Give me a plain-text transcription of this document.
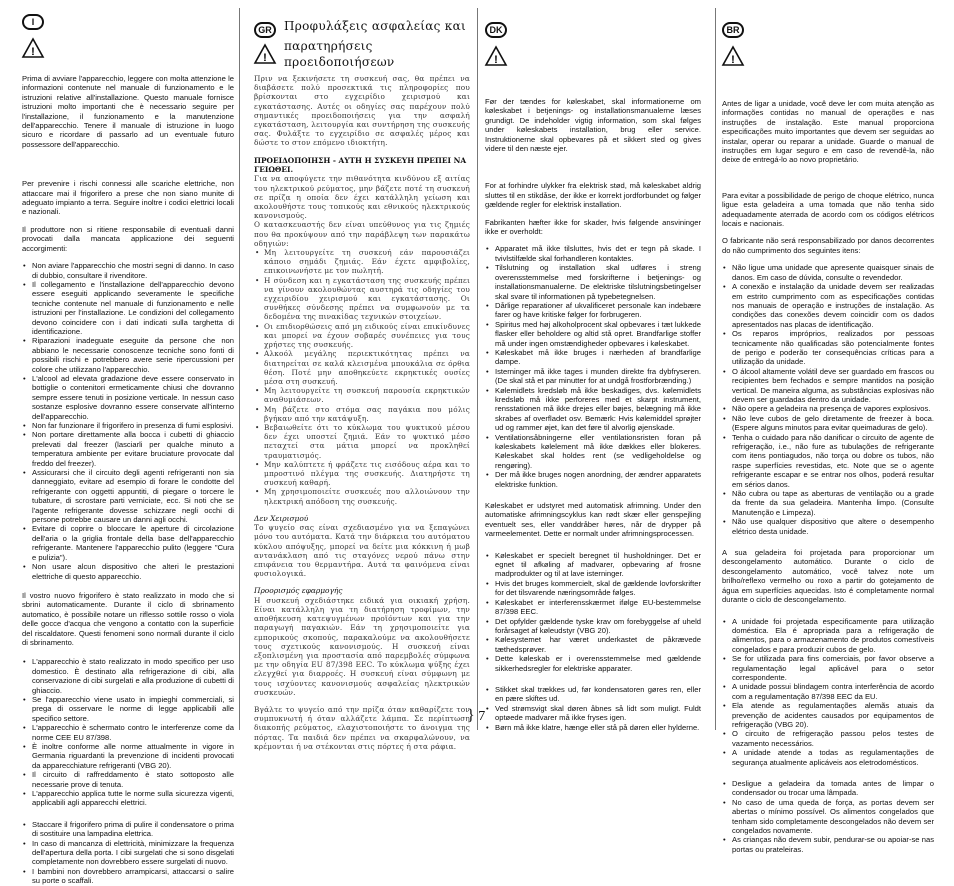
I
!

Prima di avviare l'apparecchio, leggere con molta attenzione le informazioni contenute nel manuale di funzionamento e le istruzioni relative all'installazione. Questo manuale fornisce istruzioni molto importanti che è necessario seguire per l'installazione, il funzionamento e la manutenzione dell'apparecchio. Tenere il manuale di istruzione in luogo sicuro e ricordare di passarlo ad un eventuale futuro possessore dell'apparecchio.

Per prevenire i rischi connessi alle scariche elettriche, non attaccare mai il frigorifero a prese che non siano munite di adeguato impianto a terra. Seguire inoltre i codici elettrici locali e nazionali.

Il produttore non si ritiene responsabile di eventuali danni provocati dalla mancata applicazione dei seguenti accorgimenti:

• Non aviare l'apparecchio che mostri segni di danno. In caso di dubbio, consultare il rivenditore.
• Il collegamento e l'installazione dell'apparecchio devono essere eseguiti applicando severamente le specifiche tecniche contenute nel manuale di funzionamento e nelle istruzioni per l'installazione. Le condizioni del collegamento devono coincidere con i dati indicati sulla targhetta di identificazione.
• Riparazioni inadeguate eseguite da persone che non abbiano le necessarie conoscenze tecniche sono fonti di possibili rischi e potrebbero avere serie ripercussioni per colore che utilizzano l'apparecchio.
• L'alcool ad elevata gradazione deve essere conservato in bottiglie o contenitori ermeticamente chiusi che dovranno sempre essere tenuti in posizione verticale. In nessun caso sostanze esplosive dovranno essere conservate all'interno dell'apparecchio.
• Non far funzionare il frigorifero in presenza di fumi esplosivi.
• Non portare direttamente alla bocca i cubetti di ghiaccio prelevati dal freezer (lasciarli per qualche minuto a temperatura ambiente per evitare bruciature provocate dal freddo del freezer).
• Assicurarsi che il circuito degli agenti refrigeranti non sia danneggiato, evitare ad esempio di forare le condotte del refrigerante con oggetti appuntiti, di piegare o torcere le tubature, di scrostare parti verniciate, ecc. Si noti che se l'agente refrigerante dovesse schizzare negli occhi di persone potrebbe causare un danni agli occhi.
• Evitare di coprire o bloccare le aperture di circolazione dell'aria o la griglia frontale della base dell'apparecchio refrigerante. Mantenere l'apparecchio pulito (leggere "Cura e pulizia").
• Non usare alcun dispositivo che alteri le prestazioni elettriche di questo apparecchio.

Il vostro nuovo frigorifero è stato realizzato in modo che si sbrini automaticamente. Durante il ciclo di sbrinamento automatico, è possibile notare un riflesso sottile rosso o viola delle gocce d'acqua che vengono a contatto con la superficie del riscaldatore. Questi fenomeni sono normali durante il ciclo di sbrinamento.

• L'apparecchio è stato realizzato in modo specifico per uso domestico. È destinato alla refrigerazione di cibi, alla conservazione di cibi surgelati e alla produzione di cubetti di ghiaccio.
• Se l'apparecchio viene usato in impieghi commerciali, si prega di osservare le norme di legge applicabili alle specifico settore.
• L'apparecchio è schermato contro le interferenze come da norme CEE EU 87/398.
• È inoltre conforme alle norme attualmente in vigore in Germania riguardanti la prevenzione di incidenti provocati da apparecchiature refrigeranti (VBG 20).
• Il circuito di raffreddamento è stato sottoposto alle necessarie prove di tenuta.
• L'apparecchio applica tutte le norme sulla sicurezza vigenti, applicabili agli apparecchi elettrici.
• Staccare il frigorifero prima di pulire il condensatore o prima di sostituire una lampadina elettrica.
• In caso di mancanza di elettricità, minimizzare la frequenza dell'apertura della porta. I cibi surgelati che si sono disgelati completamente non dovrebbero essere surgelati di nuovo.
• I bambini non dovrebbero arrampicarsi, attaccarsi o salire su porte o scaffali.
GR
!
Προφυλάξεις ασφαλείας και
παρατηρήσεις προειδοποιήσεων

Πριν να ξεκινήσετε τη συσκευή σας, θα πρέπει να διαβάσετε πολύ προσεκτικά τις πληροφορίες που βρίσκονται στο εγχειρίδιο χειρισμού και εγκατάστασης. Αυτές οι οδηγίες σας παρέχουν πολύ σημαντικές προειδοποιήσεις για την ασφαλή εγκατάσταση, λειτουργία και συντήρηση της συσκευής σας. Φυλάξτε το εγχειρίδιο σε ασφαλές μέρος και δώστε το στον επόμενο ιδιοκτήτη.

ΠΡΟΕΙΔΟΠΟΙΗΣΗ - ΑΥΤΗ Η ΣΥΣΚΕΥΗ ΠΡΕΠΕΙ ΝΑ ΓΕΙΩΘΕΙ.

Για να αποφύγετε την πιθανότητα κινδύνου εξ αιτίας του ηλεκτρικού ρεύματος, μην βάζετε ποτέ τη συσκευή σε πρίζα η οποία δεν έχει κατάλληλη γείωση και ακολουθήστε τους τοπικούς και εθνικούς ηλεκτρικούς κανονισμούς.

Ο κατασκευαστής δεν είναι υπεύθυνος για τις ζημιές που θα προκύψουν από την παράβλεψη των παρακάτω οδηγιών:

• Μη λειτουργείτε τη συσκευή εάν παρουσιάζει κάποιο σημάδι ζημιάς. Εάν έχετε αμφιβολίες, επικοινωνήστε με τον πωλητή.
• Η σύνδεση και η εγκατάσταση της συσκευής πρέπει να γίνουν ακολουθώντας αυστηρά τις οδηγίες του εγχειριδίου χειρισμού και εγκατάστασης. Οι συνθήκες σύνδεσης πρέπει να συμφωνούν με τα δεδομένα της πινακίδας τεχνικών στοιχείων.
• Οι επιδιορθώσεις από μη ειδικούς είναι επικίνδυνες και μπορεί να έχουν σοβαρές συνέπειες για τους χρήστες της συσκευής.
• Αλκοόλ μεγάλης περιεκτικότητας πρέπει να διατηρείται σε καλά κλεισμένα μπουκάλια σε όρθια θέση. Ποτέ μην αποθηκεύετε εκρηκτικές ουσίες μέσα στη συσκευή.
• Μη λειτουργείτε τη συσκευή παρουσία εκρηκτικών αναθυμιάσεων.
• Μη βάζετε στο στόμα σας παγάκια που μόλις βγήκαν από την κατάψυξη.
• Βεβαιωθείτε ότι το κύκλωμα του ψυκτικού μέσου δεν έχει υποστεί ζημιά. Εάν το ψυκτικό μέσο πεταχτεί στα μάτια μπορεί να προκληθεί τραυματισμός.
• Μην καλύπτετε ή φράζετε τις εισόδους αέρα και το μπροστινό πλέγμα της συσκευής. Διατηρήστε τη συσκευή καθαρή.
• Μη χρησιμοποιείτε συσκευές που αλλοιώνουν την ηλεκτρική απόδοση της συσκευής.
Δεν Χειρισμού

Το ψυγείο σας είναι σχεδιασμένο για να ξεπαγώνει μόνο του αυτόματα. Κατά την διάρκεια του αυτόματου κύκλου απόψυξης, μπορεί να δείτε μια κόκκινη ή μωβ αντανάκλαση από τις σταγόνες νερού πάνω στην επιφάνεια του θερμαντήρα. Αυτά τα φαινόμενα είναι φυσιολογικά.

Προορισμός εφαρμογής

Η συσκευή σχεδιάστηκε ειδικά για οικιακή χρήση. Είναι κατάλληλη για τη διατήρηση τροφίμων, την αποθήκευση κατεψυγμένων προϊόντων και για την παραγωγή παγακιών. Εάν τη χρησιμοποιείτε για εμπορικούς σκοπούς, παρακαλούμε να ακολουθήσετε τους σχετικούς κανονισμούς. Η συσκευή είναι εξοπλισμένη για προστασία από παρεμβολές σύμφωνα με την οδηγία EU 87/398 EEC. Το κύκλωμα ψύξης έχει ελεγχθεί για διαρροές. Η συσκευή είναι σύμφωνη με τους ισχύοντες κανονισμούς ασφαλείας ηλεκτρικών συσκευών.

Βγάλτε το ψυγείο από την πρίζα όταν καθαρίζετε τον συμπυκνωτή ή όταν αλλάζετε λάμπα. Σε περίπτωση διακοπής ρεύματος, ελαχιστοποιήστε το άνοιγμα της πόρτας. Τα παιδιά δεν πρέπει να σκαρφαλώνουν, να κρέμονται ή να στέκονται στις πόρτες ή στα ράφια.

DK
!

Før der tændes for køleskabet, skal informationerne om køleskabet i betjenings- og installationsmanualerne læses grundigt. De indeholder vigtig information, som skal følges under køleskabets installation, brug eller service. Instruktionerne skal opbevares på et sikkert sted og gives videre til den næste ejer.

For at forhindre ulykker fra elektrisk stød, må køleskabet aldrig sluttes til en stikdåse, der ikke er korrekt jordforbundet og følger gældende regler for elektrisk installation.

Fabrikanten hæfter ikke for skader, hvis følgende ansvininger ikke er overholdt:

• Apparatet må ikke tilsluttes, hvis det er tegn på skade. I tvivlstilfælde skal forhandleren kontaktes.
• Tilslutning og installation skal udføres i streng overensstemmelse med forskrifterne i betjenings- og installationsmanualerne. De elektriske tilslutningsbetingelser skal svare til informationen på typebetegnelsen.
• Dårlige reparationer af ukvalificeret personale kan indebære farer og have kritiske følger for forbrugeren.
• Spiritus med høj alkoholprocent skal opbevares i tæt lukkede flasker eller beholdere og altid stå opret. Brandfarlige stoffer må under ingen omstændigheder opbevares i køleskabet.
• Køleskabet må ikke bruges i nærheden af brandfarlige dampe.
• Isterninger må ikke tages i munden direkte fra dybfryseren. (De skal stå et par minutter for at undgå frostforbrænding.)
• Kølemidlets kredsløb må ikke beskadiges, dvs. kølemidlets kredsløb må ikke perforeres med et skarpt instrument, rensstationen må ikke drejes eller bøjes, belægning må ikke skrabes af overfladet osv. Bemærk: Hvis kølemiddel sprøjter ud og rammer øjet, kan det føre til alvorlig øjenskade.
• Ventilationsåbningerne eller ventilationsristen foran på køleskabets kølelement må ikke dækkes eller blokeres. Køleskabet skal holdes rent (se vedligeholdelse og rengøring).
• Der må ikke bruges nogen anordning, der ændrer apparatets elektriske funktion.

Køleskabet er udstyret med automatisk afrimning. Under den automatiske afrimningscyklus kan rødt skær eller genspejling eventuelt ses, eller vanddråber høres, når de drypper på varmeelementet. Dette er normalt under afrimningsprocessen.

• Køleskabet er specielt beregnet til husholdninger. Det er egnet til afkøling af madvarer, opbevaring af frosne madprodukter og til at lave isterninger.
• Hvis det bruges kommercielt, skal de gældende lovforskrifter for det tilsvarende næringsområde følges.
• Køleskabet er interferensskærmet ifølge EU-bestemmelse 87/398 EEC.
• Det opfylder gældende tyske krav om forebyggelse af uheld forårsaget af køleudstyr (VBG 20).
• Kølesystemet har været underkastet de påkrævede tæthedsprøver.
• Dette køleskab er i overensstemmelse med gældende sikkerhedsregler for elektriske apparater.
• Stikket skal trækkes ud, før kondensatoren gøres ren, eller en pære skiftes ud.
• Ved strømsvigt skal døren åbnes så lidt som muligt. Fuldt optøede madvarer må ikke fryses igen.
• Børn må ikke klatre, hænge eller stå på døren eller hylderne.
BR
!

Antes de ligar a unidade, você deve ler com muita atenção as informações contidas no manual de operações e nas instruções de instalação. Este manual proporciona especificações muito importantes que devem ser seguidas ao instalar, operar ou reparar a unidade. Guarde o manual de instruções em lugar seguro e em caso de revendê-la, não deixe de entregá-lo ao novo proprietário.

Para evitar a possibilidade de perigo de choque elétrico, nunca ligue esta geladeira a uma tomada que não tenha sido adequadamente aterrada de acordo com os códigos elétricos locais e nacionais.

O fabricante não será responsabilizado por danos decorrentes do não cumprimento dos seguintes itens:

• Não ligue uma unidade que apresente quaisquer sinais de danos. Em caso de dúvida, consulte o revendedor.
• A conexão e instalação da unidade devem ser realizadas em estrito cumprimento com as especificações contidas nos manuais de operação e instruções de instalação. As condições das conexões devem coincidir com os dados apresentados nas placas de identificação.
• Os reparos impróprios, realizados por pessoas tecnicamente não qualificadas são potencialmente fontes de perigo e poderão ter consequências críticas para a utilização da unidade.
• O álcool altamente volátil deve ser guardado em frascos ou recipientes bem fechados e sempre mantidos na posição vertical. De maneira alguma, as substâncias explosivas não devem ser guardadas dentro da unidade.
• Não opere a geladeira na presença de vapores explosivos.
• Não leve cubos de gelo diretamente de freezer à boca. (Espere alguns minutos para evitar queimaduras de gelo).
• Tenha o cuidado para não danificar o circuito de agente de refrigeração, i.e., não fure as tubulações de refrigerante com itens pontiagudos, não torça ou dobre os tubos, não raspe superfícies revestidas, etc. Note que se o agente refrigerante escapar e se entrar nos olhos, poderá resultar em sérios danos.
• Não cubra ou tape as aberturas de ventilação ou a grade da frente da sua geladeira. Mantenha limpo. (Consulte Manutenção e Limpeza).
• Não use qualquer dispositivo que altere o desempenho elétrico desta unidade.

A sua geladeira foi projetada para proporcionar um descongelamento automático. Durante o ciclo de descongelamento automático, você talvez note um brilho/reflexo vermelho ou roxo a partir do gotejamento de água em superfícies aquecidas. Isto é completamente normal durante o ciclo de descongelamento.

• A unidade foi projetada especificamente para utilização doméstica. Ela é apropriada para a refrigeração de alimentos, para o armazenamento de produtos comestíveis congelados e para produzir cubos de gelo.
• Se for utilizada para fins comerciais, por favor observe a regulamentação legal aplicável para o setor correspondente.
• A unidade possui blindagem contra interferência de acordo com a regulamentação 87/398 EEC da EU.
• Ela atende as regulamentações alemãs atuais da prevenção de acidentes causados por equipamentos de refrigeração (VBG 20).
• O circuito de refrigeração passou pelos testes de vazamento necessários.
• A unidade atende a todas as regulamentações de segurança atualmente aplicáveis aos eletrodomésticos.
• Desligue a geladeira da tomada antes de limpar o condensador ou trocar uma lâmpada.
• No caso de uma queda de força, as portas devem ser abertas o mínimo possível. Os alimentos congelados que tenham sido completamente descongelados não devem ser congelados novamente.
• As crianças não devem subir, pendurar-se ou apoiar-se nas portas ou prateleiras.
} 7
